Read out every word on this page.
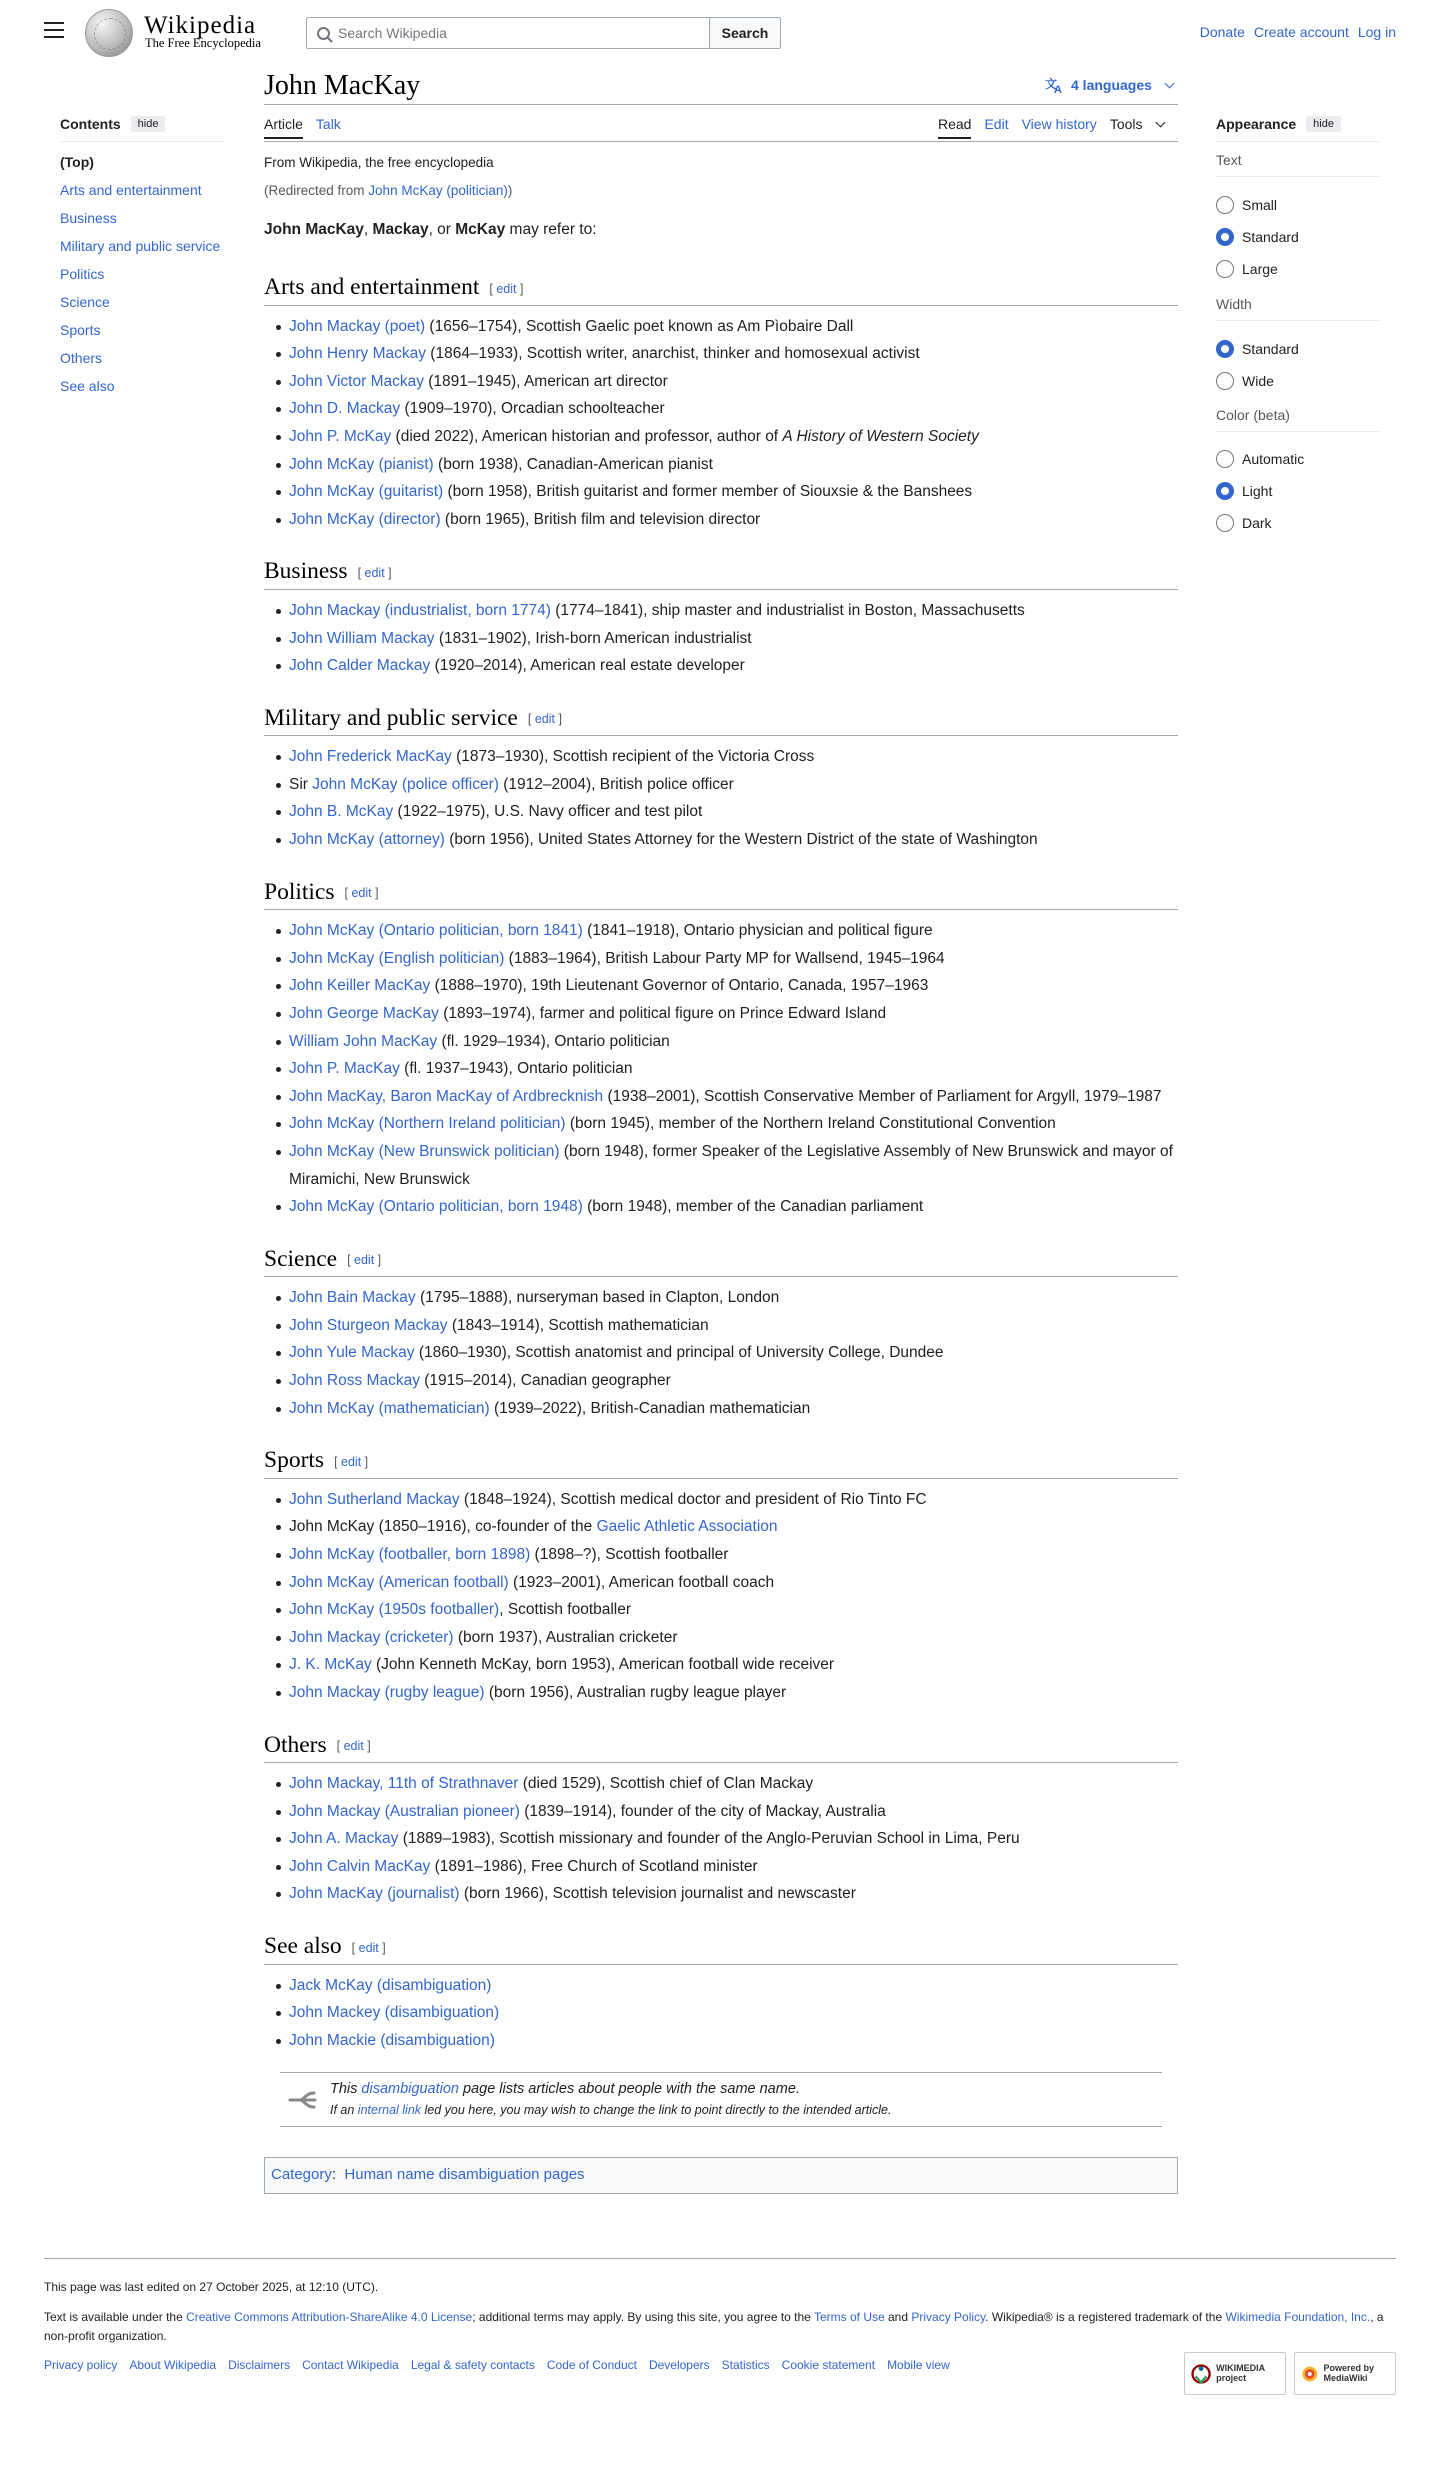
Wikipedia
The Free Encyclopedia
Search Wikipedia
Search	Donate Create account Log in
John MacKay	文
A 4 languages
Article Talk	Read Edit View history Tools
Contents	hide
(Top)
Arts and entertainment
Business
Military and public service
Politics
Science
Sports
Others
See also
Appearance	hide
Text
Small
Standard
Large
Width
Standard
Wide
Color (beta)
Automatic
Light
Dark
From Wikipedia, the free encyclopedia
(Redirected from John McKay (politician))

John MacKay, Mackay, or McKay may refer to:

Arts and entertainment [ edit ]
John Mackay (poet) (1656–1754), Scottish Gaelic poet known as Am Pìobaire Dall
John Henry Mackay (1864–1933), Scottish writer, anarchist, thinker and homosexual activist
John Victor Mackay (1891–1945), American art director
John D. Mackay (1909–1970), Orcadian schoolteacher
John P. McKay (died 2022), American historian and professor, author of A History of Western Society
John McKay (pianist) (born 1938), Canadian-American pianist
John McKay (guitarist) (born 1958), British guitarist and former member of Siouxsie & the Banshees
John McKay (director) (born 1965), British film and television director
Business [ edit ]
John Mackay (industrialist, born 1774) (1774–1841), ship master and industrialist in Boston, Massachusetts
John William Mackay (1831–1902), Irish-born American industrialist
John Calder Mackay (1920–2014), American real estate developer
Military and public service [ edit ]
John Frederick MacKay (1873–1930), Scottish recipient of the Victoria Cross
Sir John McKay (police officer) (1912–2004), British police officer
John B. McKay (1922–1975), U.S. Navy officer and test pilot
John McKay (attorney) (born 1956), United States Attorney for the Western District of the state of Washington
Politics [ edit ]
John McKay (Ontario politician, born 1841) (1841–1918), Ontario physician and political figure
John McKay (English politician) (1883–1964), British Labour Party MP for Wallsend, 1945–1964
John Keiller MacKay (1888–1970), 19th Lieutenant Governor of Ontario, Canada, 1957–1963
John George MacKay (1893–1974), farmer and political figure on Prince Edward Island
William John MacKay (fl. 1929–1934), Ontario politician
John P. MacKay (fl. 1937–1943), Ontario politician
John MacKay, Baron MacKay of Ardbrecknish (1938–2001), Scottish Conservative Member of Parliament for Argyll, 1979–1987
John McKay (Northern Ireland politician) (born 1945), member of the Northern Ireland Constitutional Convention
John McKay (New Brunswick politician) (born 1948), former Speaker of the Legislative Assembly of New Brunswick and mayor of Miramichi, New Brunswick
John McKay (Ontario politician, born 1948) (born 1948), member of the Canadian parliament
Science [ edit ]
John Bain Mackay (1795–1888), nurseryman based in Clapton, London
John Sturgeon Mackay (1843–1914), Scottish mathematician
John Yule Mackay (1860–1930), Scottish anatomist and principal of University College, Dundee
John Ross Mackay (1915–2014), Canadian geographer
John McKay (mathematician) (1939–2022), British-Canadian mathematician
Sports [ edit ]
John Sutherland Mackay (1848–1924), Scottish medical doctor and president of Rio Tinto FC
John McKay (1850–1916), co-founder of the Gaelic Athletic Association
John McKay (footballer, born 1898) (1898–?), Scottish footballer
John McKay (American football) (1923–2001), American football coach
John McKay (1950s footballer), Scottish footballer
John Mackay (cricketer) (born 1937), Australian cricketer
J. K. McKay (John Kenneth McKay, born 1953), American football wide receiver
John Mackay (rugby league) (born 1956), Australian rugby league player
Others [ edit ]
John Mackay, 11th of Strathnaver (died 1529), Scottish chief of Clan Mackay
John Mackay (Australian pioneer) (1839–1914), founder of the city of Mackay, Australia
John A. Mackay (1889–1983), Scottish missionary and founder of the Anglo-Peruvian School in Lima, Peru
John Calvin MacKay (1891–1986), Free Church of Scotland minister
John MacKay (journalist) (born 1966), Scottish television journalist and newscaster
See also [ edit ]
Jack McKay (disambiguation)
John Mackey (disambiguation)
John Mackie (disambiguation)
This disambiguation page lists articles about people with the same name.
If an internal link led you here, you may wish to change the link to point directly to the intended article.
Category:  Human name disambiguation pages
This page was last edited on 27 October 2025, at 12:10 (UTC).
Text is available under the Creative Commons Attribution-ShareAlike 4.0 License; additional terms may apply. By using this site, you agree to the Terms of Use and Privacy Policy. Wikipedia® is a registered trademark of the Wikimedia Foundation, Inc., a non-profit organization.
Privacy policy About Wikipedia Disclaimers Contact Wikipedia Legal & safety contacts Code of Conduct Developers Statistics Cookie statement Mobile view	WIKIMEDIA project
Powered by MediaWiki
